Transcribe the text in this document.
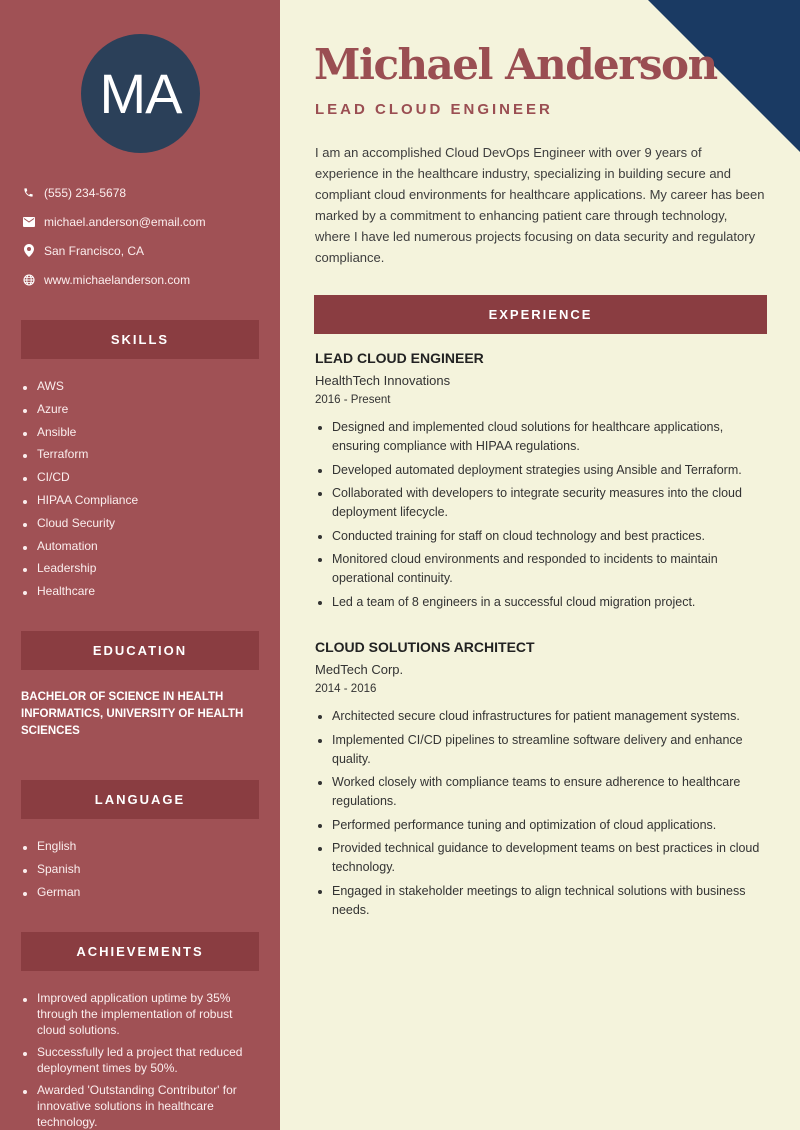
MA
(555) 234-5678
michael.anderson@email.com
San Francisco, CA
www.michaelanderson.com
SKILLS
AWS
Azure
Ansible
Terraform
CI/CD
HIPAA Compliance
Cloud Security
Automation
Leadership
Healthcare
EDUCATION
BACHELOR OF SCIENCE IN HEALTH INFORMATICS, UNIVERSITY OF HEALTH SCIENCES
LANGUAGE
English
Spanish
German
ACHIEVEMENTS
Improved application uptime by 35% through the implementation of robust cloud solutions.
Successfully led a project that reduced deployment times by 50%.
Awarded 'Outstanding Contributor' for innovative solutions in healthcare technology.
Michael Anderson
LEAD CLOUD ENGINEER
I am an accomplished Cloud DevOps Engineer with over 9 years of experience in the healthcare industry, specializing in building secure and compliant cloud environments for healthcare applications. My career has been marked by a commitment to enhancing patient care through technology, where I have led numerous projects focusing on data security and regulatory compliance.
EXPERIENCE
LEAD CLOUD ENGINEER
HealthTech Innovations
2016 - Present
Designed and implemented cloud solutions for healthcare applications, ensuring compliance with HIPAA regulations.
Developed automated deployment strategies using Ansible and Terraform.
Collaborated with developers to integrate security measures into the cloud deployment lifecycle.
Conducted training for staff on cloud technology and best practices.
Monitored cloud environments and responded to incidents to maintain operational continuity.
Led a team of 8 engineers in a successful cloud migration project.
CLOUD SOLUTIONS ARCHITECT
MedTech Corp.
2014 - 2016
Architected secure cloud infrastructures for patient management systems.
Implemented CI/CD pipelines to streamline software delivery and enhance quality.
Worked closely with compliance teams to ensure adherence to healthcare regulations.
Performed performance tuning and optimization of cloud applications.
Provided technical guidance to development teams on best practices in cloud technology.
Engaged in stakeholder meetings to align technical solutions with business needs.
